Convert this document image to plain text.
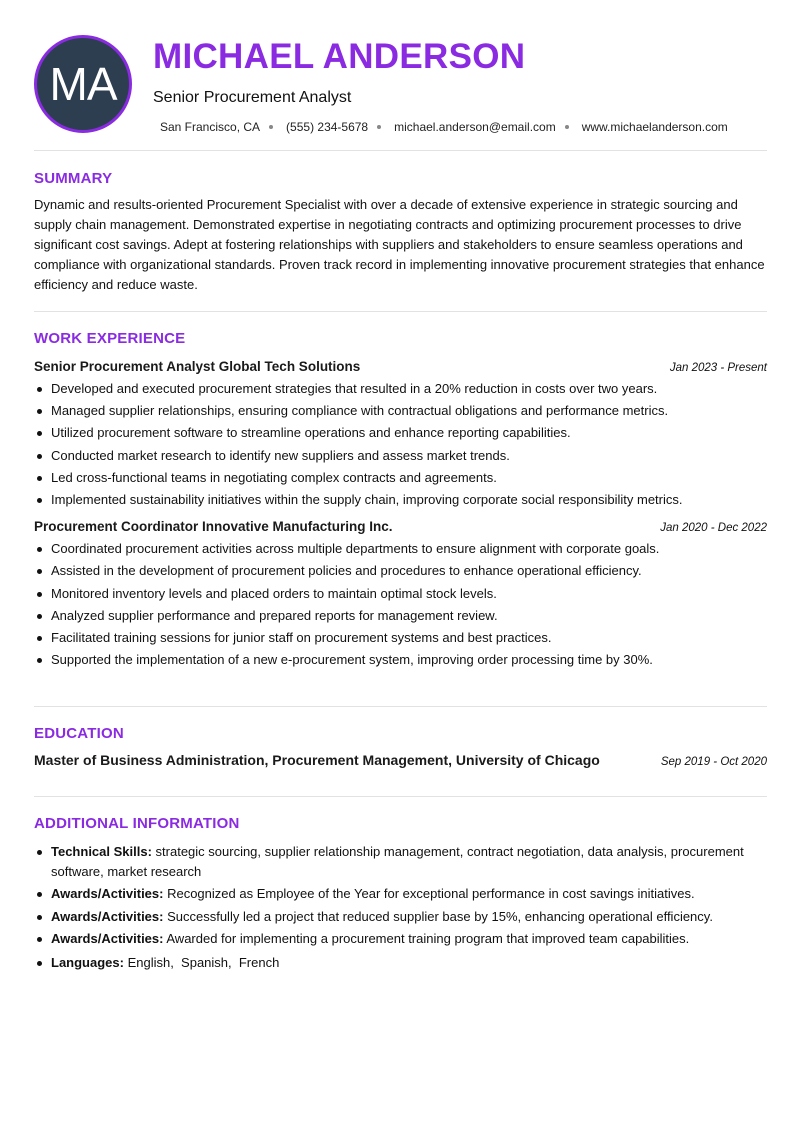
MA
MICHAEL ANDERSON
Senior Procurement Analyst
San Francisco, CA (555) 234-5678 michael.anderson@email.com www.michaelanderson.com
SUMMARY

Dynamic and results-oriented Procurement Specialist with over a decade of extensive experience in strategic sourcing and supply chain management. Demonstrated expertise in negotiating contracts and optimizing procurement processes to drive significant cost savings. Adept at fostering relationships with suppliers and stakeholders to ensure seamless operations and compliance with organizational standards. Proven track record in implementing innovative procurement strategies that enhance efficiency and reduce waste.

WORK EXPERIENCE
Senior Procurement Analyst Global Tech Solutions	Jan 2023 - Present
Developed and executed procurement strategies that resulted in a 20% reduction in costs over two years.
Managed supplier relationships, ensuring compliance with contractual obligations and performance metrics.
Utilized procurement software to streamline operations and enhance reporting capabilities.
Conducted market research to identify new suppliers and assess market trends.
Led cross-functional teams in negotiating complex contracts and agreements.
Implemented sustainability initiatives within the supply chain, improving corporate social responsibility metrics.
Procurement Coordinator Innovative Manufacturing Inc.	Jan 2020 - Dec 2022
Coordinated procurement activities across multiple departments to ensure alignment with corporate goals.
Assisted in the development of procurement policies and procedures to enhance operational efficiency.
Monitored inventory levels and placed orders to maintain optimal stock levels.
Analyzed supplier performance and prepared reports for management review.
Facilitated training sessions for junior staff on procurement systems and best practices.
Supported the implementation of a new e-procurement system, improving order processing time by 30%.
EDUCATION
Master of Business Administration, Procurement Management, University of Chicago	Sep 2019 - Oct 2020
ADDITIONAL INFORMATION
Technical Skills: strategic sourcing, supplier relationship management, contract negotiation, data analysis, procurement software, market research
Awards/Activities: Recognized as Employee of the Year for exceptional performance in cost savings initiatives.
Awards/Activities: Successfully led a project that reduced supplier base by 15%, enhancing operational efficiency.
Awards/Activities: Awarded for implementing a procurement training program that improved team capabilities.
Languages: English,  Spanish,  French
